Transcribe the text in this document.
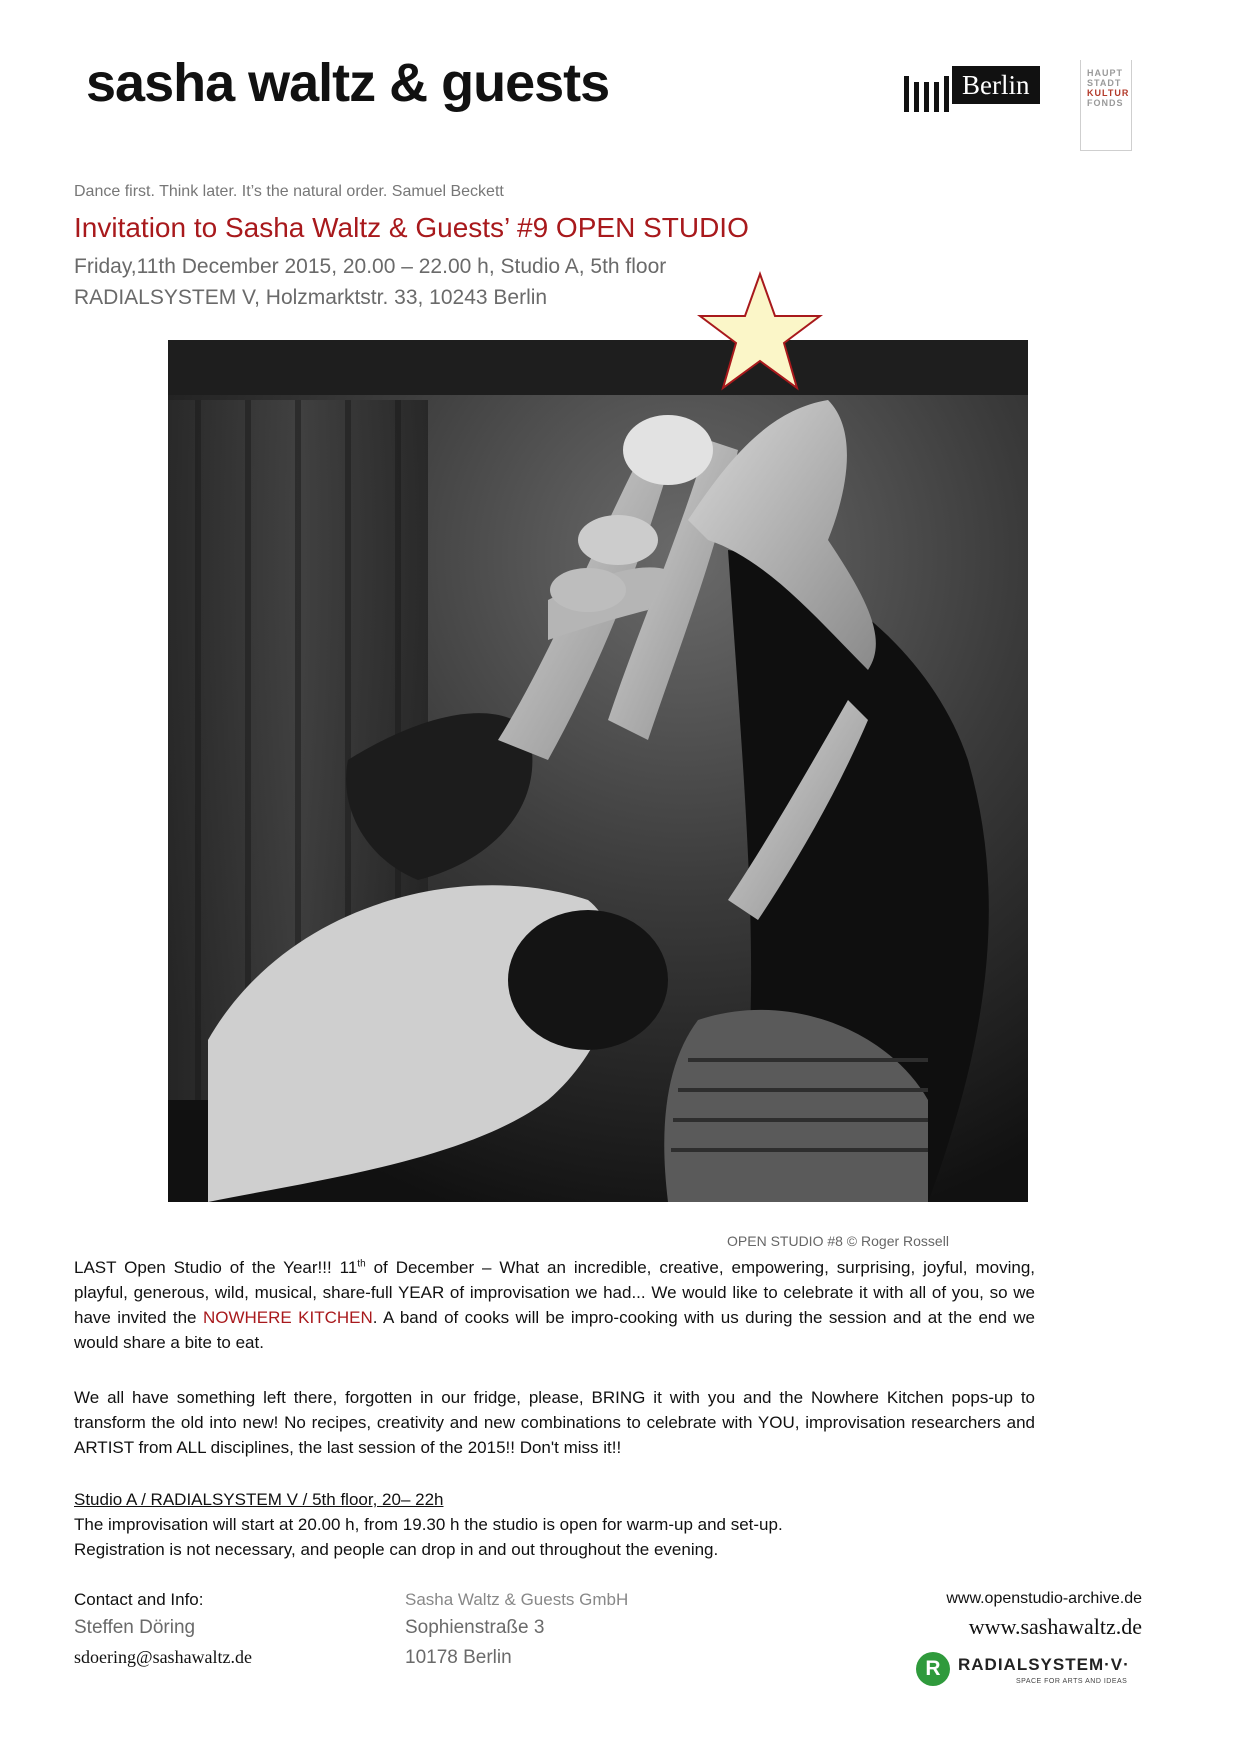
sasha waltz & guests	Berlin	HAUPT
STADT
KULTUR
FONDS
Dance first. Think later. It’s the natural order. Samuel Beckett
Invitation to Sasha Waltz & Guests’ #9 OPEN STUDIO
Friday,11th December 2015, 20.00 – 22.00 h, Studio A, 5th floor
RADIALSYSTEM V, Holzmarktstr. 33, 10243 Berlin
OPEN STUDIO #8 © Roger Rossell
LAST Open Studio of the Year!!! 11th of December – What an incredible, creative, empowering, surprising, joyful, moving, playful, generous, wild, musical, share-full YEAR of improvisation we had... We would like to celebrate it with all of you, so we have invited the NOWHERE KITCHEN. A band of cooks will be impro-cooking with us during the session and at the end we would share a bite to eat.
We all have something left there, forgotten in our fridge, please, BRING it with you and the Nowhere Kitchen pops-up to transform the old into new! No recipes, creativity and new combinations to celebrate with YOU, improvisation researchers and ARTIST from ALL disciplines, the last session of the 2015!! Don't miss it!!
Studio A / RADIALSYSTEM V / 5th floor, 20– 22h
The improvisation will start at 20.00 h, from 19.30 h the studio is open for warm-up and set-up.
Registration is not necessary, and people can drop in and out throughout the evening.
Contact and Info:
Steffen Döring
sdoering@sashawaltz.de
Sasha Waltz & Guests GmbH
Sophienstraße 3
10178 Berlin
www.openstudio-archive.de
www.sashawaltz.de
R	RADIALSYSTEM·V·
SPACE FOR ARTS AND IDEAS
